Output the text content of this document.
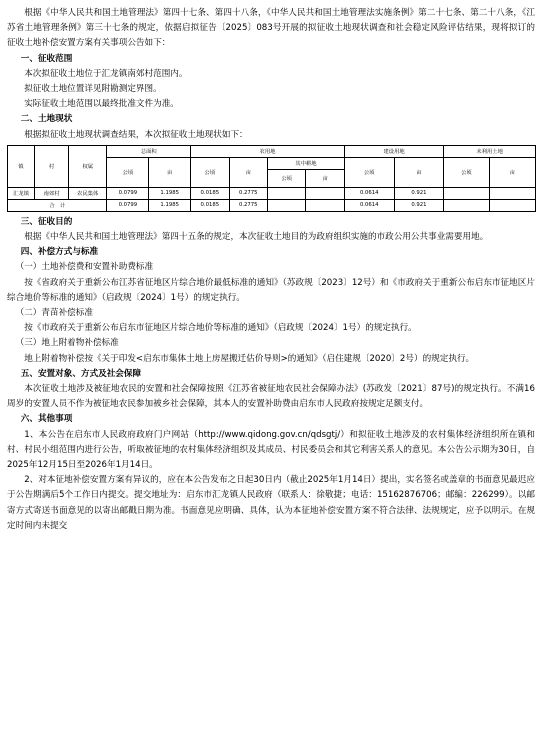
根据《中华人民共和国土地管理法》第四十七条、第四十八条，《中华人民共和国土地管理法实施条例》第二十七条、第二十八条，《江苏省土地管理条例》第三十七条的规定，依据启拟征告〔2025〕083号开展的拟征收土地现状调查和社会稳定风险评估结果，现将拟订的征收土地补偿安置方案有关事项公告如下：

一、征收范围

本次拟征收土地位于汇龙镇南郊村范围内。

拟征收土地位置详见附勘测定界图。

实际征收土地范围以最终批准文件为准。

二、土地现状

根据拟征收土地现状调查结果，本次拟征收土地现状如下：

镇	村	权属	总面积		农用地				建设用地		未利用土地	
			公顷	亩	公顷	亩	其中耕地		公顷	亩	公顷	亩
							公顷	亩				
汇龙镇	南郊村	农民集体	0.0799	1.1985	0.0185	0.2775			0.0614	0.921		
合　计			0.0799	1.1985	0.0185	0.2775			0.0614	0.921		

三、征收目的

根据《中华人民共和国土地管理法》第四十五条的规定，本次征收土地目的为政府组织实施的市政公用公共事业需要用地。

四、补偿方式与标准

（一）土地补偿费和安置补助费标准

按《省政府关于重新公布江苏省征地区片综合地价最低标准的通知》（苏政规〔2023〕12号）和《市政府关于重新公布启东市征地区片综合地价等标准的通知》（启政规〔2024〕1号）的规定执行。

（二）青苗补偿标准

按《市政府关于重新公布启东市征地区片综合地价等标准的通知》（启政规〔2024〕1号）的规定执行。

（三）地上附着物补偿标准

地上附着物补偿按《关于印发<启东市集体土地上房屋搬迁估价导则>的通知》（启住建规〔2020〕2号）的规定执行。

五、安置对象、方式及社会保障

本次征收土地涉及被征地农民的安置和社会保障按照《江苏省被征地农民社会保障办法》(苏政发〔2021〕87号)的规定执行。不满16周岁的安置人员不作为被征地农民参加被乡社会保障，其本人的安置补助费由启东市人民政府按规定足额支付。

六、其他事项

1、本公告在启东市人民政府政府门户网站（http://www.qidong.gov.cn/qdsgtj/）和拟征收土地涉及的农村集体经济组织所在镇和村、村民小组范围内进行公告，听取被征地的农村集体经济组织及其成员、村民委员会和其它利害关系人的意见。本公告公示期为30日，自2025年12月15日至2026年1月14日。

2、对本征地补偿安置方案有异议的，应在本公告发布之日起30日内（截止2025年1月14日）提出，实名签名或盖章的书面意见最迟应于公告期满后5个工作日内提交。提交地址为：启东市汇龙镇人民政府（联系人：徐敬捷；电话：15162876706；邮编：226299）。以邮寄方式寄送书面意见的以寄出邮戳日期为准。书面意见应明确、具体，认为本征地补偿安置方案不符合法律、法规规定，应予以明示。在规定时间内未提交
